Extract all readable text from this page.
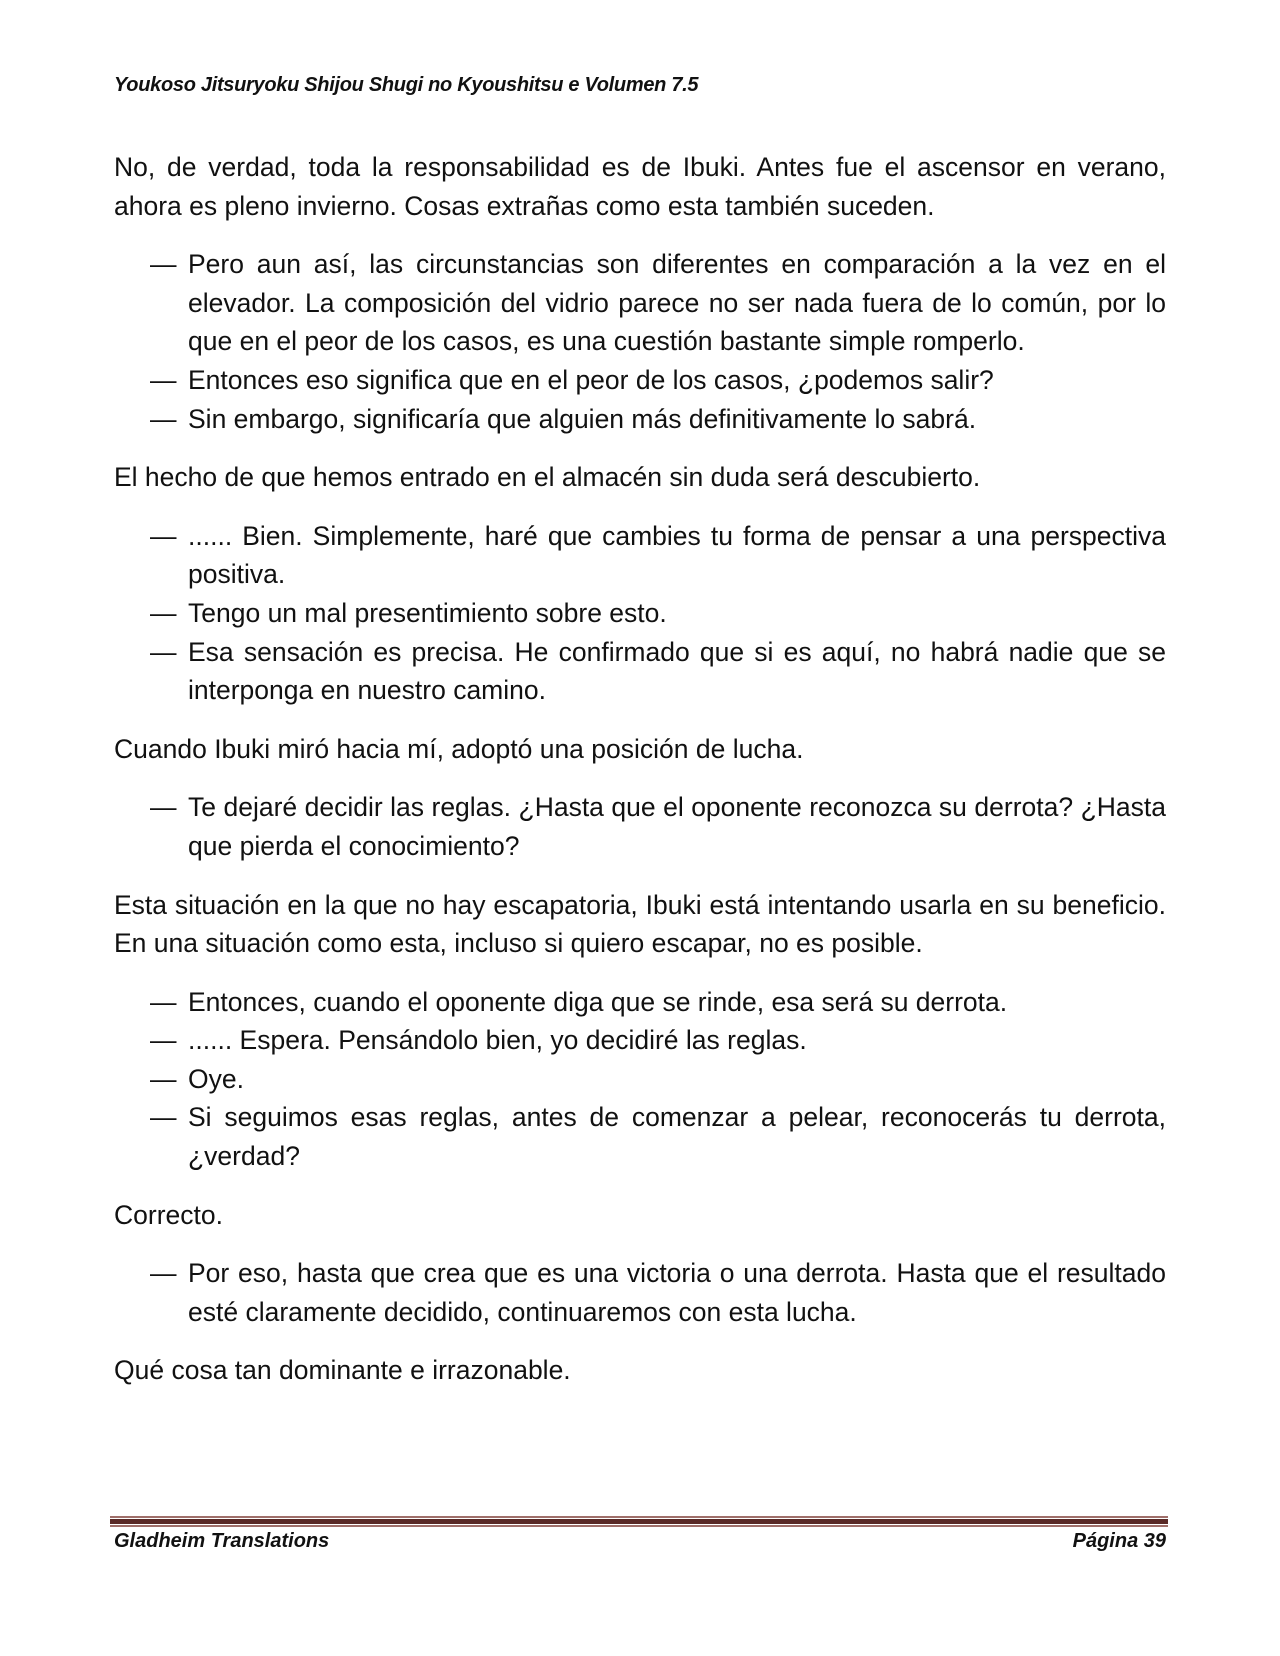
Youkoso Jitsuryoku Shijou Shugi no Kyoushitsu e Volumen 7.5

No, de verdad, toda la responsabilidad es de Ibuki. Antes fue el ascensor en verano, ahora es pleno invierno. Cosas extrañas como esta también suceden.

— Pero aun así, las circunstancias son diferentes en comparación a la vez en el elevador. La composición del vidrio parece no ser nada fuera de lo común, por lo que en el peor de los casos, es una cuestión bastante simple romperlo.

— Entonces eso significa que en el peor de los casos, ¿podemos salir?

— Sin embargo, significaría que alguien más definitivamente lo sabrá.

El hecho de que hemos entrado en el almacén sin duda será descubierto.

— ...... Bien. Simplemente, haré que cambies tu forma de pensar a una perspectiva positiva.

— Tengo un mal presentimiento sobre esto.

— Esa sensación es precisa. He confirmado que si es aquí, no habrá nadie que se interponga en nuestro camino.

Cuando Ibuki miró hacia mí, adoptó una posición de lucha.

— Te dejaré decidir las reglas. ¿Hasta que el oponente reconozca su derrota? ¿Hasta que pierda el conocimiento?

Esta situación en la que no hay escapatoria, Ibuki está intentando usarla en su beneficio. En una situación como esta, incluso si quiero escapar, no es posible.

— Entonces, cuando el oponente diga que se rinde, esa será su derrota.

— ...... Espera. Pensándolo bien, yo decidiré las reglas.

— Oye.

— Si seguimos esas reglas, antes de comenzar a pelear, reconocerás tu derrota, ¿verdad?

Correcto.

— Por eso, hasta que crea que es una victoria o una derrota. Hasta que el resultado esté claramente decidido, continuaremos con esta lucha.

Qué cosa tan dominante e irrazonable.

Gladheim Translations	Página 39
